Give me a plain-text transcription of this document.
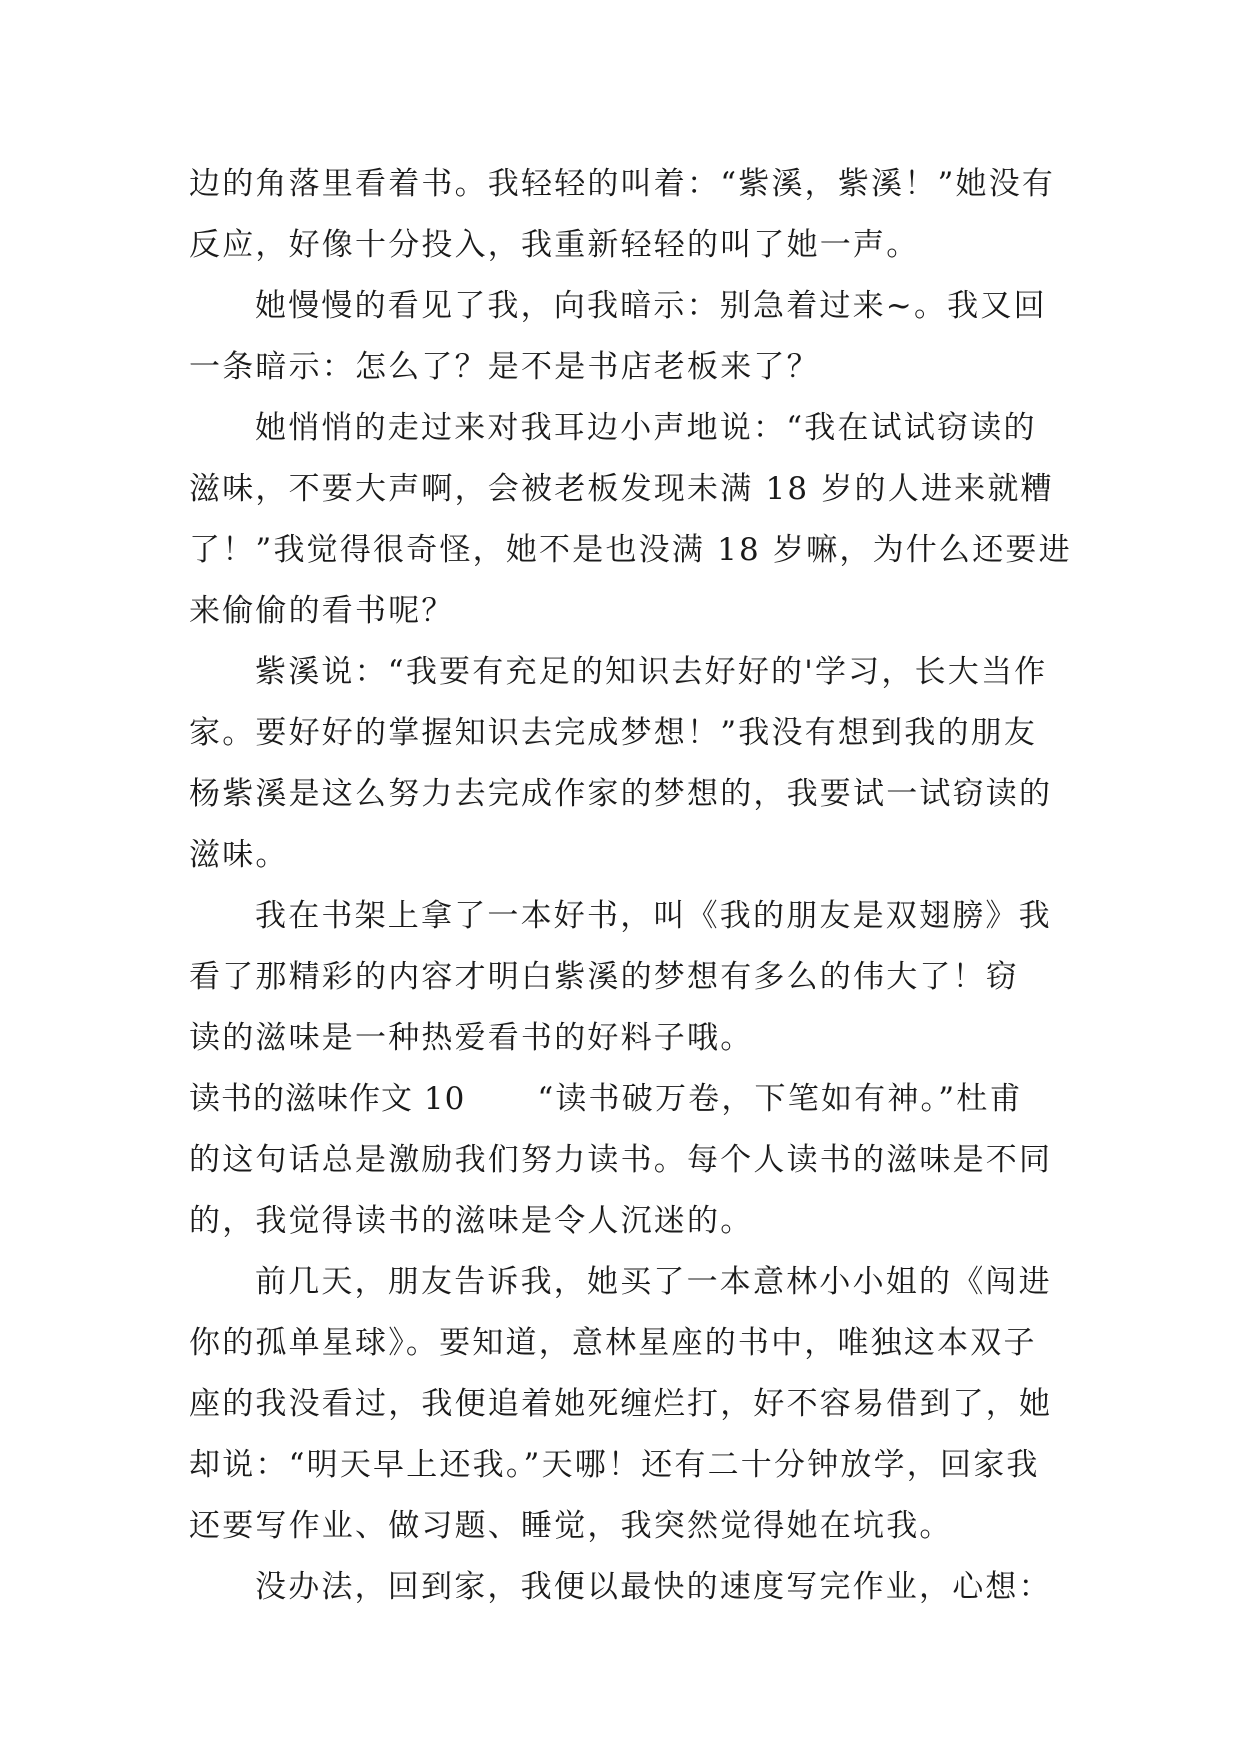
边的角落里看着书。我轻轻的叫着：“紫溪，紫溪！”她没有
反应，好像十分投入，我重新轻轻的叫了她一声。
她慢慢的看见了我，向我暗示：别急着过来~。我又回
一条暗示：怎么了？是不是书店老板来了？
她悄悄的走过来对我耳边小声地说：“我在试试窃读的
滋味，不要大声啊，会被老板发现未满 18 岁的人进来就糟
了！”我觉得很奇怪，她不是也没满 18 岁嘛，为什么还要进
来偷偷的看书呢？
紫溪说：“我要有充足的知识去好好的'学习，长大当作
家。要好好的掌握知识去完成梦想！”我没有想到我的朋友
杨紫溪是这么努力去完成作家的梦想的，我要试一试窃读的
滋味。
我在书架上拿了一本好书，叫《我的朋友是双翅膀》我
看了那精彩的内容才明白紫溪的梦想有多么的伟大了！窃
读的滋味是一种热爱看书的好料子哦。
读书的滋味作文 10 “读书破万卷，下笔如有神。”杜甫
的这句话总是激励我们努力读书。每个人读书的滋味是不同
的，我觉得读书的滋味是令人沉迷的。
前几天，朋友告诉我，她买了一本意林小小姐的《闯进
你的孤单星球》。要知道，意林星座的书中，唯独这本双子
座的我没看过，我便追着她死缠烂打，好不容易借到了，她
却说：“明天早上还我。”天哪！还有二十分钟放学，回家我
还要写作业、做习题、睡觉，我突然觉得她在坑我。
没办法，回到家，我便以最快的速度写完作业，心想：
